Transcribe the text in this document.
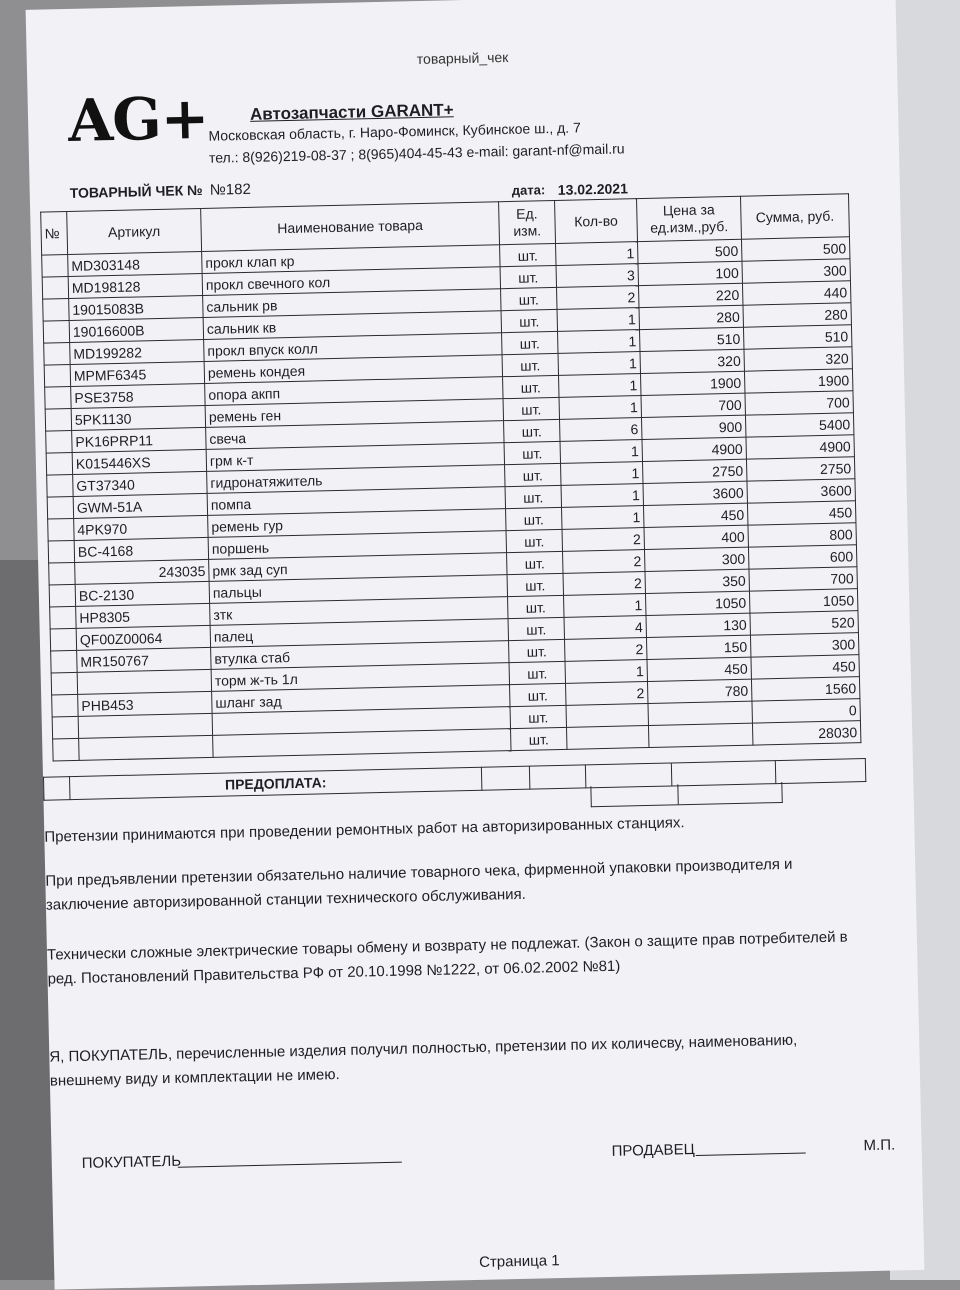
товарный_чек
AG+ Автозапчасти GARANT+
Московская область, г. Наро-Фоминск, Кубинское ш., д. 7
тел.: 8(926)219-08-37 ; 8(965)404-45-43 e-mail: garant-nf@mail.ru
ТОВАРНЫЙ ЧЕК № №182	дата: 13.02.2021
№	Артикул	Наименование товара	Ед. изм.	Кол-во	Цена за ед.изм.,руб.	Сумма, руб.
	MD303148	прокл клап кр	шт.	1	500	500
	MD198128	прокл свечного кол	шт.	3	100	300
	19015083B	сальник рв	шт.	2	220	440
	19016600B	сальник кв	шт.	1	280	280
	MD199282	прокл впуск колл	шт.	1	510	510
	MPMF6345	ремень кондея	шт.	1	320	320
	PSE3758	опора акпп	шт.	1	1900	1900
	5PK1130	ремень ген	шт.	1	700	700
	PK16PRP11	свеча	шт.	6	900	5400
	K015446XS	грм к-т	шт.	1	4900	4900
	GT37340	гидронатяжитель	шт.	1	2750	2750
	GWM-51A	помпа	шт.	1	3600	3600
	4PK970	ремень гур	шт.	1	450	450
	BC-4168	поршень	шт.	2	400	800
	243035	рмк зад суп	шт.	2	300	600
	BC-2130	пальцы	шт.	2	350	700
	HP8305	зтк	шт.	1	1050	1050
	QF00Z00064	палец	шт.	4	130	520
	MR150767	втулка стаб	шт.	2	150	300
		торм ж-ть 1л	шт.	1	450	450
	PHB453	шланг зад	шт.	2	780	1560
			шт.			0
			шт.			28030
	ПРЕДОПЛАТА:					
Претензии принимаются при проведении ремонтных работ на авторизированных станциях.
При предъявлении претензии обязательно наличие товарного чека, фирменной упаковки производителя и заключение авторизированной станции технического обслуживания.
Технически сложные электрические товары обмену и возврату не подлежат. (Закон о защите прав потребителей в ред. Постановлений Правительства РФ от 20.10.1998 №1222, от 06.02.2002 №81)
Я, ПОКУПАТЕЛЬ, перечисленные изделия получил полностью, претензии по их количесву, наименованию, внешнему виду и комплектации не имею.
ПОКУПАТЕЛЬ
ПРОДАВЕЦ	М.П.
Страница 1
